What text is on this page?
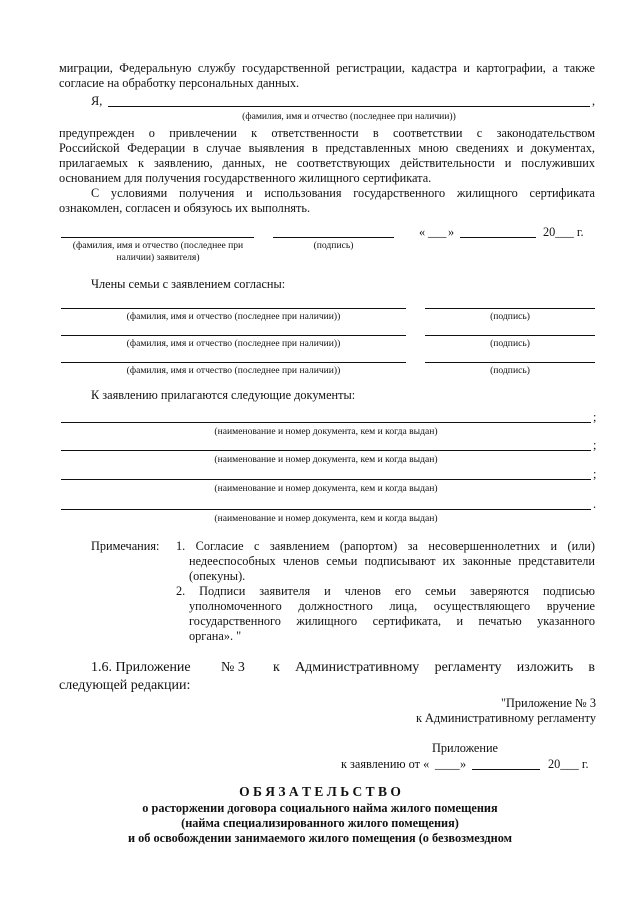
миграции, Федеральную службу государственной регистрации, кадастра и картографии, а также
согласие на обработку персональных данных.
Я,	,
(фамилия, имя и отчество (последнее при наличии))
предупрежден о привлечении к ответственности в соответствии с законодательством
Российской Федерации в случае выявления в представленных мною сведениях и документах,
прилагаемых к заявлению, данных, не соответствующих действительности и послуживших
основанием для получения государственного жилищного сертификата.
С условиями получения и использования государственного жилищного сертификата
ознакомлен, согласен и обязуюсь их выполнять.
« ___ »	20___ г.
(фамилия, имя и отчество (последнее при
наличии) заявителя)
(подпись)
Члены семьи с заявлением согласны:
(фамилия, имя и отчество (последнее при наличии))	(подпись)
(фамилия, имя и отчество (последнее при наличии))	(подпись)
(фамилия, имя и отчество (последнее при наличии))	(подпись)
К заявлению прилагаются следующие документы:
;
(наименование и номер документа, кем и когда выдан)
;
(наименование и номер документа, кем и когда выдан)
;
(наименование и номер документа, кем и когда выдан)
.
(наименование и номер документа, кем и когда выдан)
Примечания: 1. Согласие с заявлением (рапортом) за несовершеннолетних и (или)
недееспособных членов семьи подписывают их законные представители
(опекуны).
2. Подписи заявителя и членов его семьи заверяются подписью
уполномоченного должностного лица, осуществляющего вручение
государственного жилищного сертификата, и печатью указанного
органа». "
1.6. Приложение № 3 к Административному регламенту изложить в
следующей редакции:
"Приложение № 3
к Административному регламенту
Приложение
к заявлению от « ____ »	20___ г.
О Б Я З А Т Е Л Ь С Т В О
о расторжении договора социального найма жилого помещения
(найма специализированного жилого помещения)
и об освобождении занимаемого жилого помещения (о безвозмездном
